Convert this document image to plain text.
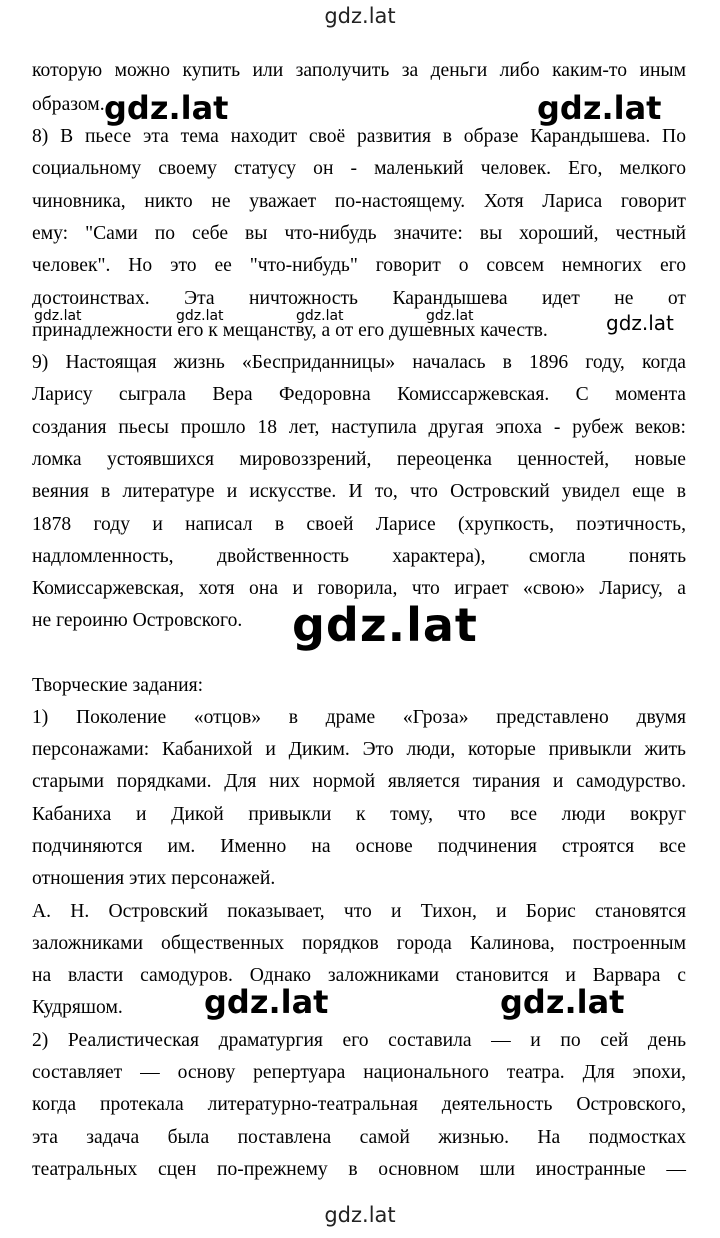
gdz.lat
которую можно купить или заполучить за деньги либо каким-то иным
образом.
8) В пьесе эта тема находит своё развития в образе Карандышева. По
социальному своему статусу он - маленький человек. Его, мелкого
чиновника, никто не уважает по-настоящему. Хотя Лариса говорит
ему: "Сами по себе вы что-нибудь значите: вы хороший, честный
человек". Но это ее "что-нибудь" говорит о совсем немногих его
достоинствах. Эта ничтожность Карандышева идет не от
принадлежности его к мещанству, а от его душевных качеств.
9) Настоящая жизнь «Бесприданницы» началась в 1896 году, когда
Ларису сыграла Вера Федоровна Комиссаржевская. С момента
создания пьесы прошло 18 лет, наступила другая эпоха - рубеж веков:
ломка устоявшихся мировоззрений, переоценка ценностей, новые
веяния в литературе и искусстве. И то, что Островский увидел еще в
1878 году и написал в своей Ларисе (хрупкость, поэтичность,
надломленность, двойственность характера), смогла понять
Комиссаржевская, хотя она и говорила, что играет «свою» Ларису, а
не героиню Островского.
Творческие задания:
1) Поколение «отцов» в драме «Гроза» представлено двумя
персонажами: Кабанихой и Диким. Это люди, которые привыкли жить
старыми порядками. Для них нормой является тирания и самодурство.
Кабаниха и Дикой привыкли к тому, что все люди вокруг
подчиняются им. Именно на основе подчинения строятся все
отношения этих персонажей.
А. Н. Островский показывает, что и Тихон, и Борис становятся
заложниками общественных порядков города Калинова, построенным
на власти самодуров. Однако заложниками становится и Варвара с
Кудряшом.
2) Реалистическая драматургия его составила — и по сей день
составляет — основу репертуара национального театра. Для эпохи,
когда протекала литературно-театральная деятельность Островского,
эта задача была поставлена самой жизнью. На подмостках
театральных сцен по-прежнему в основном шли иностранные —
gdz.lat	gdz.lat
gdz.lat	gdz.lat	gdz.lat	gdz.lat	gdz.lat
gdz.lat
gdz.lat	gdz.lat
gdz.lat
